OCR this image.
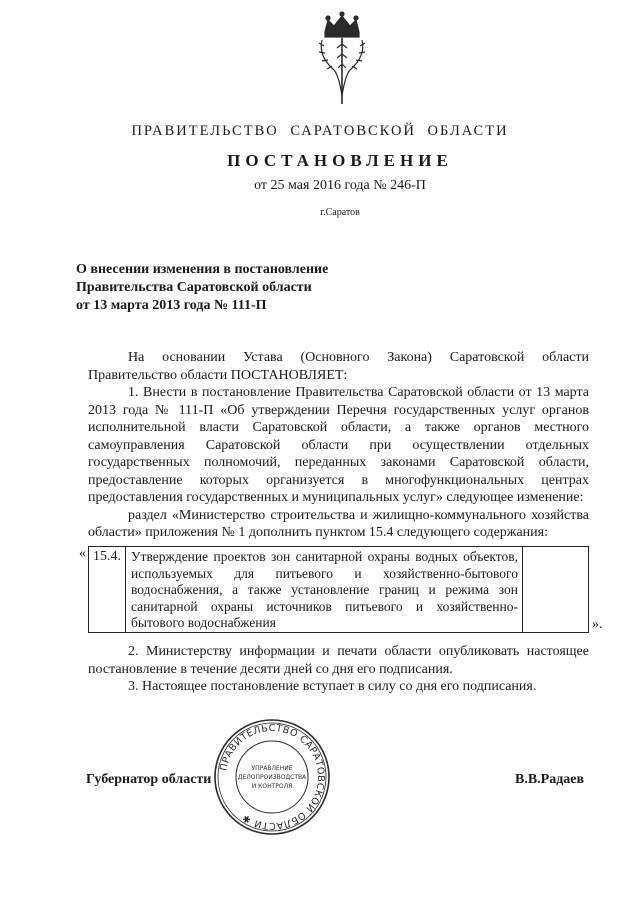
ПРАВИТЕЛЬСТВО САРАТОВСКОЙ ОБЛАСТИ
ПОСТАНОВЛЕНИЕ
от 25 мая 2016 года № 246-П
г.Саратов
О внесении изменения в постановление
Правительства Саратовской области
от 13 марта 2013 года № 111-П

На основании Устава (Основного Закона) Саратовской области Правительство области ПОСТАНОВЛЯЕТ:

1. Внести в постановление Правительства Саратовской области от 13 марта 2013 года № 111-П «Об утверждении Перечня государственных услуг органов исполнительной власти Саратовской области, а также органов местного самоуправления Саратовской области при осуществлении отдельных государственных полномочий, переданных законами Саратовской области, предоставление которых организуется в многофункциональных центрах предоставления государственных и муниципальных услуг» следующее изменение:

раздел «Министерство строительства и жилищно-коммунального хозяйства области» приложения № 1 дополнить пунктом 15.4 следующего содержания:

« 15.4. Утверждение проектов зон санитарной охраны водных объектов, используемых для питьевого и хозяйственно-бытового водоснабжения, а также установление границ и режима зон санитарной охраны источников питьевого и хозяйственно-бытового водоснабжения	».

2. Министерству информации и печати области опубликовать настоящее постановление в течение десяти дней со дня его подписания.

3. Настоящее постановление вступает в силу со дня его подписания.

Губернатор области	В.В.Радаев
ПРАВИТЕЛЬСТВО САРАТОВСКОЙ ОБЛАСТИ ✱
УПРАВЛЕНИЕ
ДЕЛОПРОИЗВОДСТВА
И КОНТРОЛЯ
